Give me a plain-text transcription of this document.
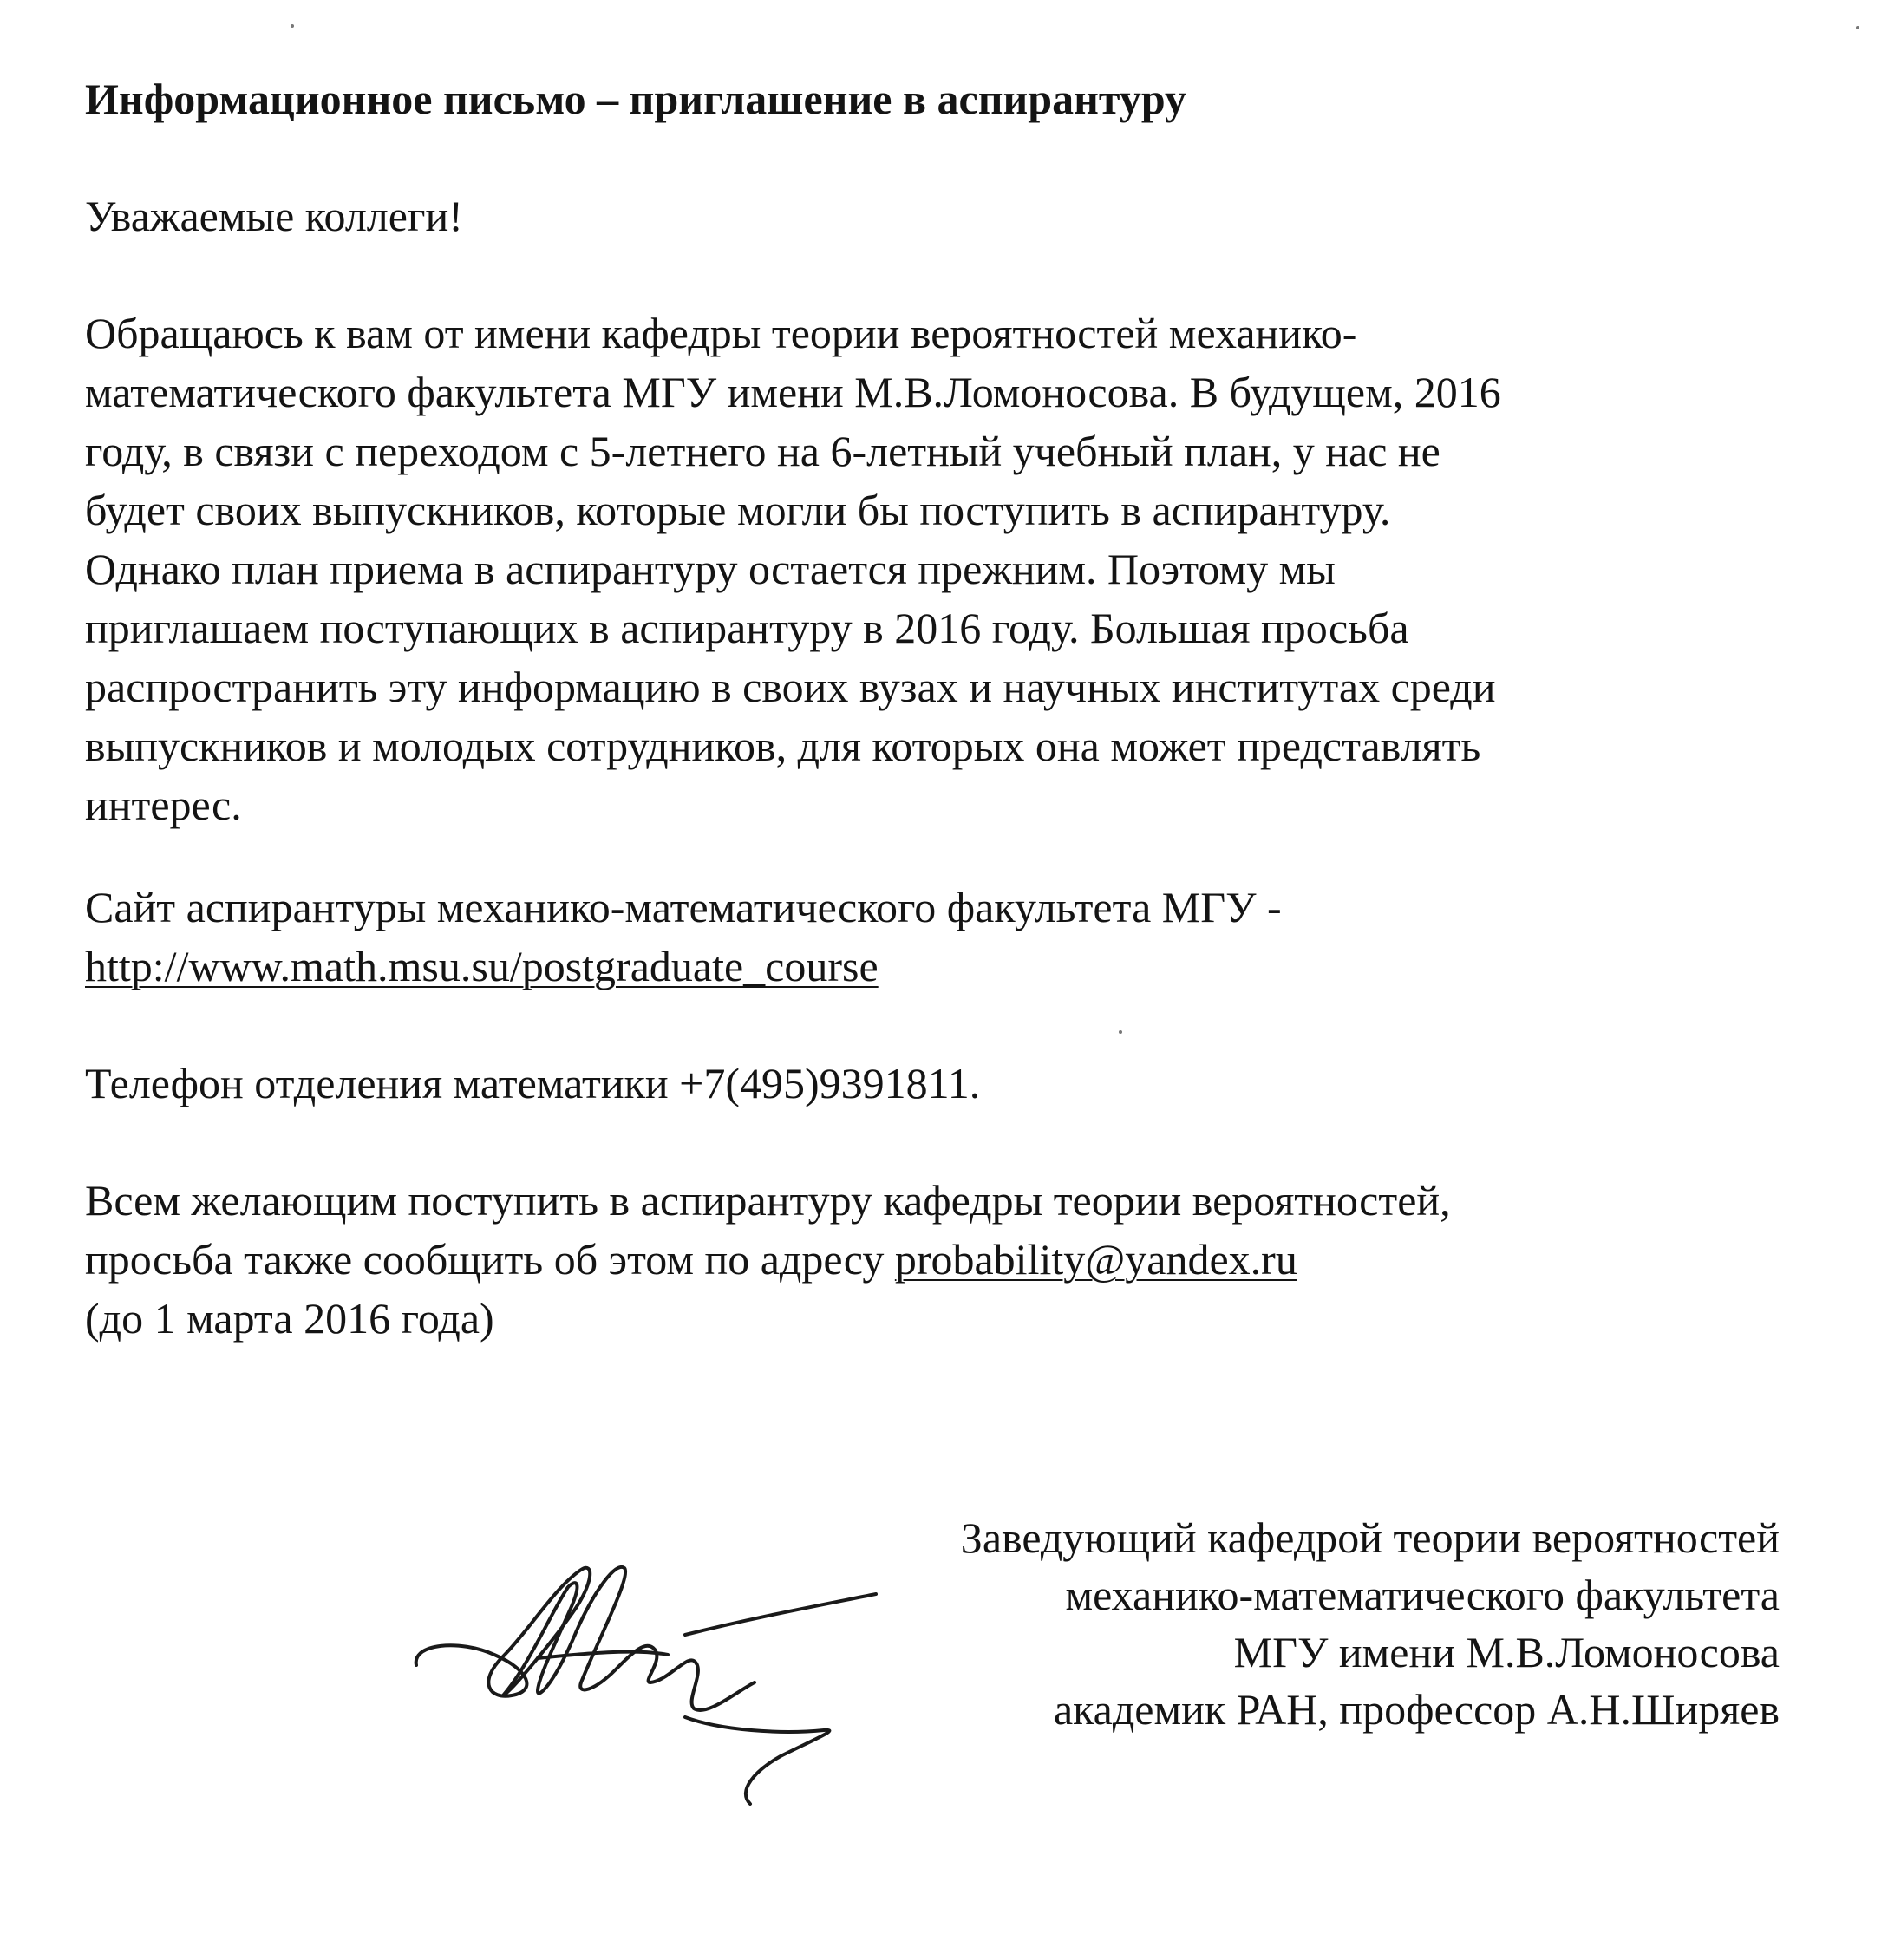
Информационное письмо – приглашение в аспирантуру
Уважаемые коллеги!
Обращаюсь к вам от имени кафедры теории вероятностей механико-
математического факультета МГУ имени М.В.Ломоносова. В будущем, 2016
году, в связи с переходом с 5-летнего на 6-летный учебный план, у нас не
будет своих выпускников, которые могли бы поступить в аспирантуру.
Однако план приема в аспирантуру остается прежним. Поэтому мы
приглашаем поступающих в аспирантуру в 2016 году. Большая просьба
распространить эту информацию в своих вузах и научных институтах среди
выпускников и молодых сотрудников, для которых она может представлять
интерес.
Сайт аспирантуры механико-математического факультета МГУ -
http://www.math.msu.su/postgraduate_course
Телефон отделения математики +7(495)9391811.
Всем желающим поступить в аспирантуру кафедры теории вероятностей,
просьба также сообщить об этом по адресу probability@yandex.ru
(до 1 марта 2016 года)
Заведующий кафедрой теории вероятностей
механико-математического факультета
МГУ имени М.В.Ломоносова
академик РАН, профессор А.Н.Ширяев
